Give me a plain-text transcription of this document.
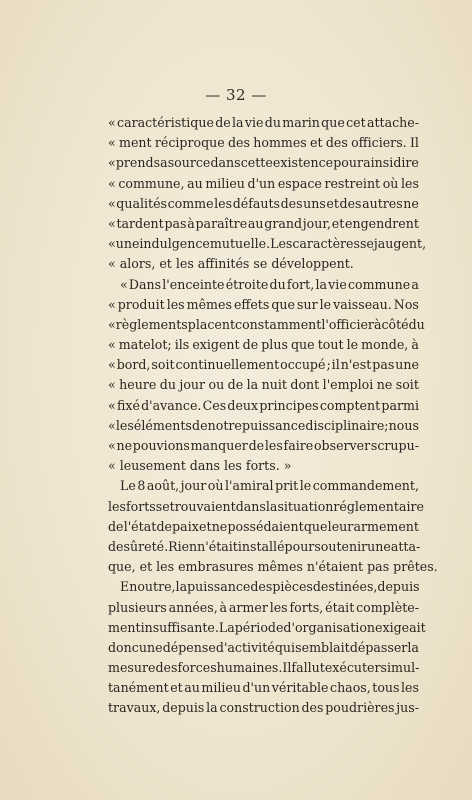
— 32 —
« caractéristique de la vie du marin que cet attache-
« ment réciproque des hommes et des officiers. Il
« prend sa source dans cette existence pour ainsi dire
« commune, au milieu d'un espace restreint où les
« qualités comme les défauts des uns et des autres ne
« tardent pas à paraître au grand jour, et engendrent
« une indulgence mutuelle. Les caractères se jaugent,
« alors, et les affinités se développent.
« Dans l'enceinte étroite du fort, la vie commune a
« produit les mêmes effets que sur le vaisseau. Nos
« règlements placent constamment l'officier à côté du
« matelot; ils exigent de plus que tout le monde, à
« bord, soit continuellement occupé ; il n'est pas une
« heure du jour ou de la nuit dont l'emploi ne soit
« fixé d'avance. Ces deux principes comptent parmi
« les éléments de notre puissance disciplinaire; nous
« ne pouvions manquer de les faire observer scrupu-
« leusement dans les forts. »
Le 8 août, jour où l'amiral prit le commandement,
les forts se trouvaient dans la situation réglementaire
de l'état de paix et ne possédaient que leur armement
de sûreté. Rien n'était installé pour soutenir une atta-
que, et les embrasures mêmes n'étaient pas prêtes.
En outre, la puissance des pièces destinées, depuis
plusieurs années, à armer les forts, était complète-
ment insuffisante. La période d'organisation exigeait
donc une dépense d'activité qui semblait dépasser la
mesure des forces humaines. Il fallut exécuter simul-
tanément et au milieu d'un véritable chaos, tous les
travaux, depuis la construction des poudrières jus-
